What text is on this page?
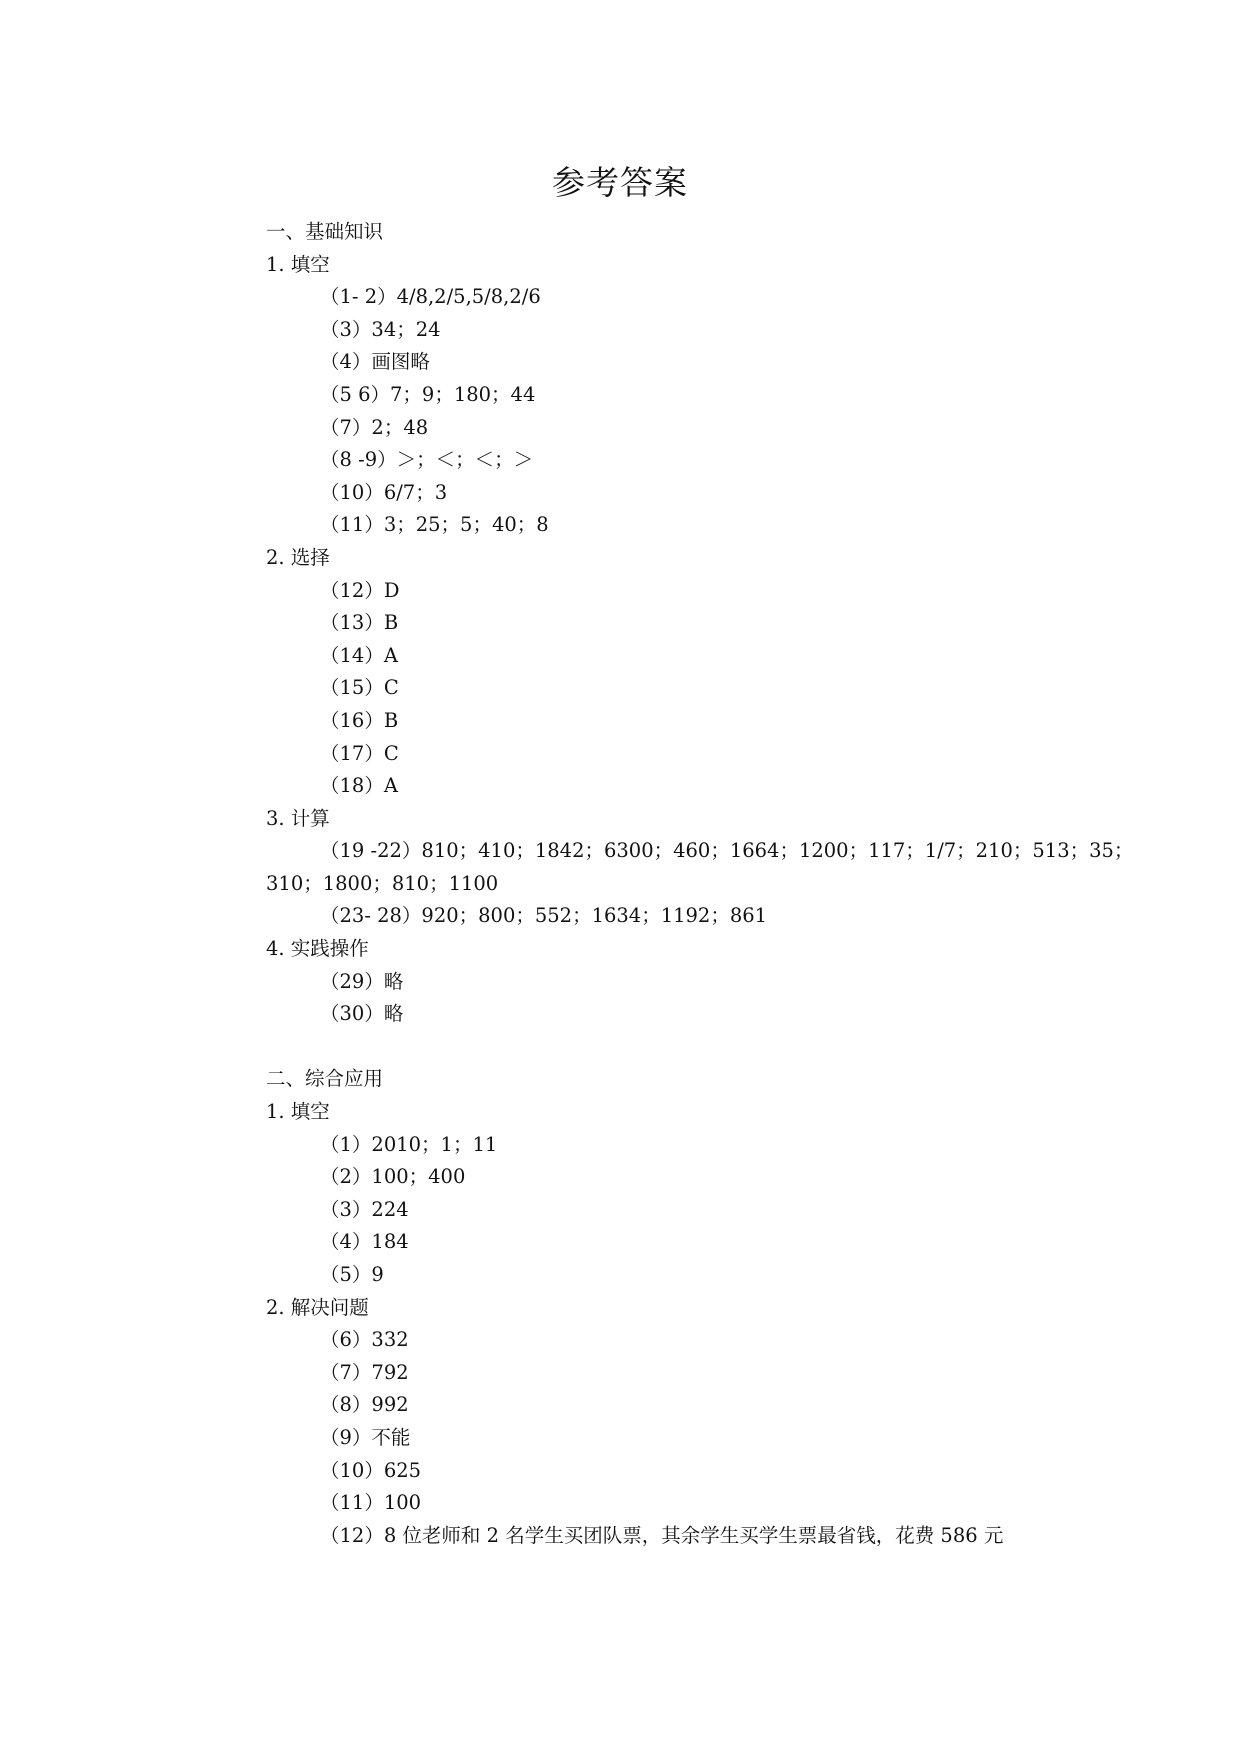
参考答案
一、基础知识
1. 填空
（1- 2）4/8,2/5,5/8,2/6
（3）34；24
（4）画图略
（5 6）7；9；180；44
（7）2；48
（8 -9）＞；＜；＜；＞
（10）6/7；3
（11）3；25；5；40；8
2. 选择
（12）D
（13）B
（14）A
（15）C
（16）B
（17）C
（18）A
3. 计算
（19 -22）810；410；1842；6300；460；1664；1200；117；1/7；210；513；35；
310；1800；810；1100
（23- 28）920；800；552；1634；1192；861
4. 实践操作
（29）略
（30）略
二、综合应用
1. 填空
（1）2010；1；11
（2）100；400
（3）224
（4）184
（5）9
2. 解决问题
（6）332
（7）792
（8）992
（9）不能
（10）625
（11）100
（12）8 位老师和 2 名学生买团队票，其余学生买学生票最省钱，花费 586 元
